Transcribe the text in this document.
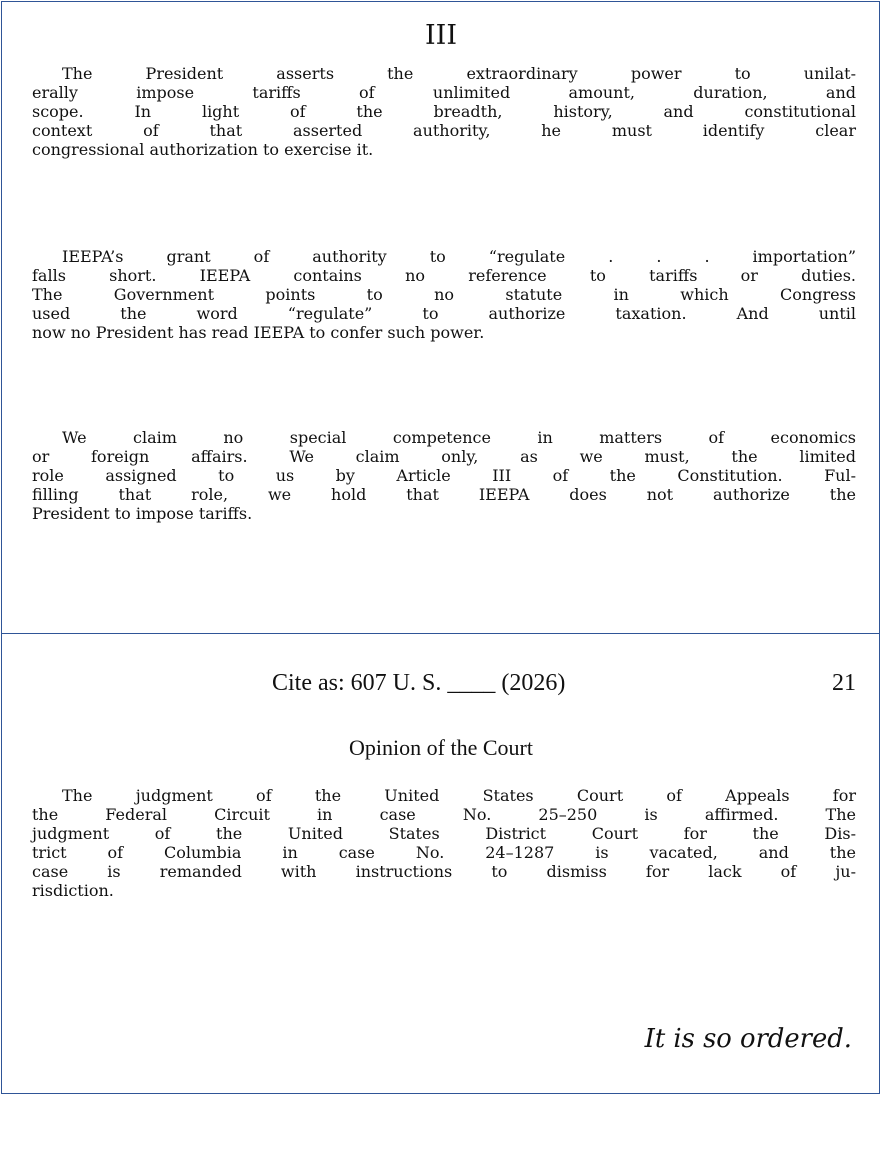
III
The President asserts the extraordinary power to unilat-
erally impose tariffs of unlimited amount, duration, and
scope. In light of the breadth, history, and constitutional
context of that asserted authority, he must identify clear
congressional authorization to exercise it.
IEEPA’s grant of authority to “regulate . . . importation”
falls short. IEEPA contains no reference to tariffs or duties.
The Government points to no statute in which Congress
used the word “regulate” to authorize taxation. And until
now no President has read IEEPA to confer such power.
We claim no special competence in matters of economics
or foreign affairs. We claim only, as we must, the limited
role assigned to us by Article III of the Constitution. Ful-
filling that role, we hold that IEEPA does not authorize the
President to impose tariffs.
Cite as: 607 U. S. ____ (2026)	21
Opinion of the Court
The judgment of the United States Court of Appeals for
the Federal Circuit in case No. 25–250 is affirmed. The
judgment of the United States District Court for the Dis-
trict of Columbia in case No. 24–1287 is vacated, and the
case is remanded with instructions to dismiss for lack of ju-
risdiction.
It is so ordered.
